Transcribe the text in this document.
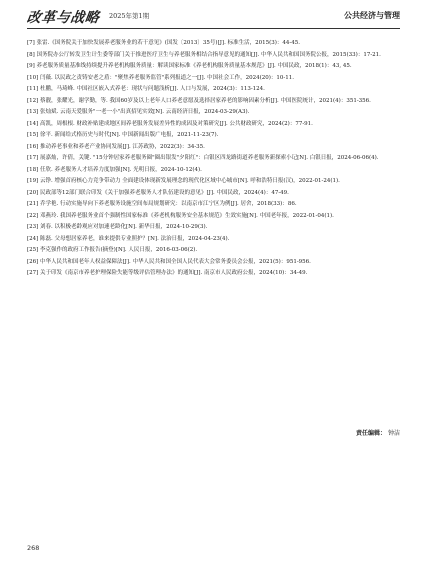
改革与战略 2025年第1期	公共经济与管理

[7] 张雷.《国务院关于加快发展养老服务业的若干意见》(国发〔2013〕35号)[J]. 标准生活，2015(3)：44-45.

[8] 国务院办公厅转发卫生计生委等部门关于推进医疗卫生与养老服务相结合指导意见的通知[J]. 中华人民共和国国务院公报，2015(33)：17-21.

[9] 养老服务质量基准线持续提升养老机构服务质量：解读国家标准《养老机构服务质量基本规范》[J]. 中国民政，2018(1)：43, 45.

[10] 闫薇. 以民政之责铸安老之盾："聚焦养老服务监管"系列报道之一[J]. 中国社会工作，2024(20)：10-11.

[11] 杜鹏，马琦峰. 中国社区嵌入式养老：现状与问题浅析[J]. 人口与发展，2024(3)：113-124.

[12] 蔡靓，张耀光，谢学勤，等. 我国60岁及以上老年人口养老意愿及选择居家养老的影响因素分析[J]. 中国医院统计，2021(4)：351-356.

[13] 张灿斌. 云南天爱服务"一老一小"出真招见实效[N]. 云南经济日报，2024-03-29(A3).

[14] 高凯，周根根. 财政补贴建成地区间养老服务发展差异性的成因及对策研究[J]. 公共财政研究，2024(2)：77-91.

[15] 徐平. 新闻给式格历史与时代[N]. 中国新闻出版广电报，2021-11-23(7).

[16] 推动养老事业和养老产业协同发展[J]. 江苏政协，2022(3)：34-35.

[17] 展嘉灿，许倩，关键. "15分钟居家养老服务圈"圈出银发"夕阳红"：白银区四龙路街道养老服务新探索小记[N]. 白银日报，2024-06-06(4).

[18] 任欣. 养老服务人才培养力度加强[N]. 光明日报，2024-10-12(4).

[19] 云铮. 增强首府核心力竞争带动力 全面建设体现新发展理念的现代化区域中心城市[N]. 呼和浩特日报(汉)，2022-01-24(1).

[20] 民政部等12部门联合印发《关于加强养老服务人才队伍建设的意见》[J]. 中国民政，2024(4)：47-49.

[21] 乔学艳. 行动实施导向下养老服务设施空间布局规划研究：以南京市江宁区为例[J]. 居舍，2018(33)：86.

[22] 邓燕玲. 我国养老服务业首个强制性国家标准《养老机构服务安全基本规范》生效实施[N]. 中国老年报，2022-01-04(1).

[23] 刘春. 以积极老龄观应对加速老龄化[N]. 新华日报，2024-10-29(3).

[24] 陈磊. 父母想居家养老，谁来提供专业照护？[N]. 法治日报，2024-04-23(4).

[25] 李克强作的政府工作报告(摘登)[N]. 人民日报，2016-03-06(2).

[26] 中华人民共和国老年人权益保障法[J]. 中华人民共和国全国人民代表大会常务委员会公报，2021(5)：951-956.

[27] 关于印发《南京市养老护理保险失能等级评估管理办法》的通知[J]. 南京市人民政府公报，2024(10)：34-49.

责任编辑： 钟洁
268
